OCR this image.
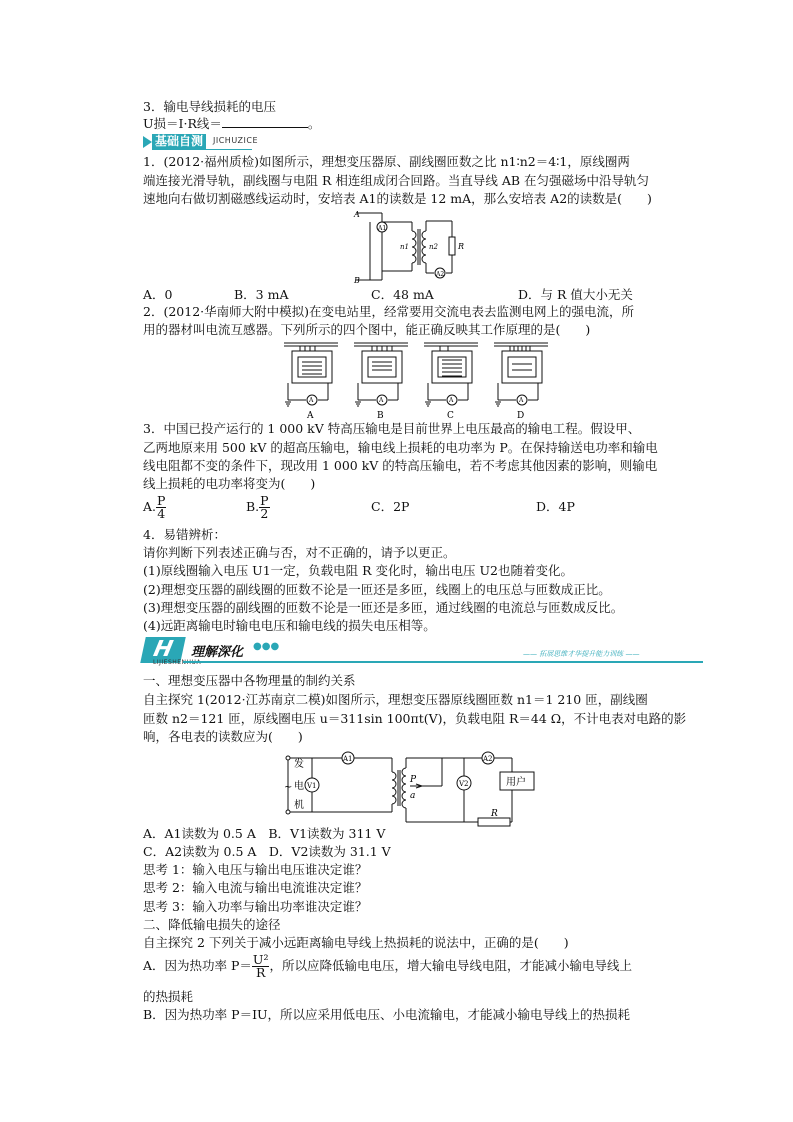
3．输电导线损耗的电压
U损＝I·R线＝	。
基础自测	JICHUZICE
1．(2012·福州质检)如图所示，理想变压器原、副线圈匝数之比 n1∶n2＝4∶1，原线圈两
端连接光滑导轨，副线圈与电阻 R 相连组成闭合回路。当直导线 AB 在匀强磁场中沿导轨匀
速地向右做切割磁感线运动时，安培表 A1的读数是 12 mA，那么安培表 A2的读数是(　　)
A
B
A1
A2
n1	n2	R
A．0	B．3 mA	C．48 mA	D．与 R 值大小无关
2．(2012·华南师大附中模拟)在变电站里，经常要用交流电表去监测电网上的强电流，所
用的器材叫电流互感器。下列所示的四个图中，能正确反映其工作原理的是(　　)
A	A	A	A
A	B	C	D
3．中国已投产运行的 1 000 kV 特高压输电是目前世界上电压最高的输电工程。假设甲、
乙两地原来用 500 kV 的超高压输电，输电线上损耗的电功率为 P。在保持输送电功率和输电
线电阻都不变的条件下，现改用 1 000 kV 的特高压输电，若不考虑其他因素的影响，则输电
线上损耗的电功率将变为(　　)
A. $\frac{P}{4}$	B. $\frac{P}{2}$	C．2P	D．4P
4．易错辨析：
请你判断下列表述正确与否，对不正确的，请予以更正。
(1)原线圈输入电压 U1一定，负载电阻 R 变化时，输出电压 U2也随着变化。
(2)理想变压器的副线圈的匝数不论是一匝还是多匝，线圈上的电压总与匝数成正比。
(3)理想变压器的副线圈的匝数不论是一匝还是多匝，通过线圈的电流总与匝数成反比。
(4)远距离输电时输电电压和输电线的损失电压相等。
H	理解深化 ●●●
LIJIESHENHUA
—— 拓展思维才华提升能力训练 ——
一、理想变压器中各物理量的制约关系
自主探究 1(2012·江苏南京二模)如图所示，理想变压器原线圈匝数 n1＝1 210 匝，副线圈
匝数 n2＝121 匝，原线圈电压 u＝311sin 100πt(V)，负载电阻 R＝44 Ω，不计电表对电路的影
响，各电表的读数应为(　　)
~
发
电
机
A1
V1
P
a
A2
V2
R
用户
A．A1读数为 0.5 A　B．V1读数为 311 V
C．A2读数为 0.5 A　D．V2读数为 31.1 V
思考 1：输入电压与输出电压谁决定谁？
思考 2：输入电流与输出电流谁决定谁？
思考 3：输入功率与输出功率谁决定谁？
二、降低输电损失的途径
自主探究 2 下列关于减小远距离输电导线上热损耗的说法中，正确的是(　　)
A．因为热功率 $P= \frac{\text{U²}}{R}$ ，所以应降低输电电压，增大输电导线电阻，才能减小输电导线上
的热损耗
B．因为热功率 P＝IU，所以应采用低电压、小电流输电，才能减小输电导线上的热损耗
